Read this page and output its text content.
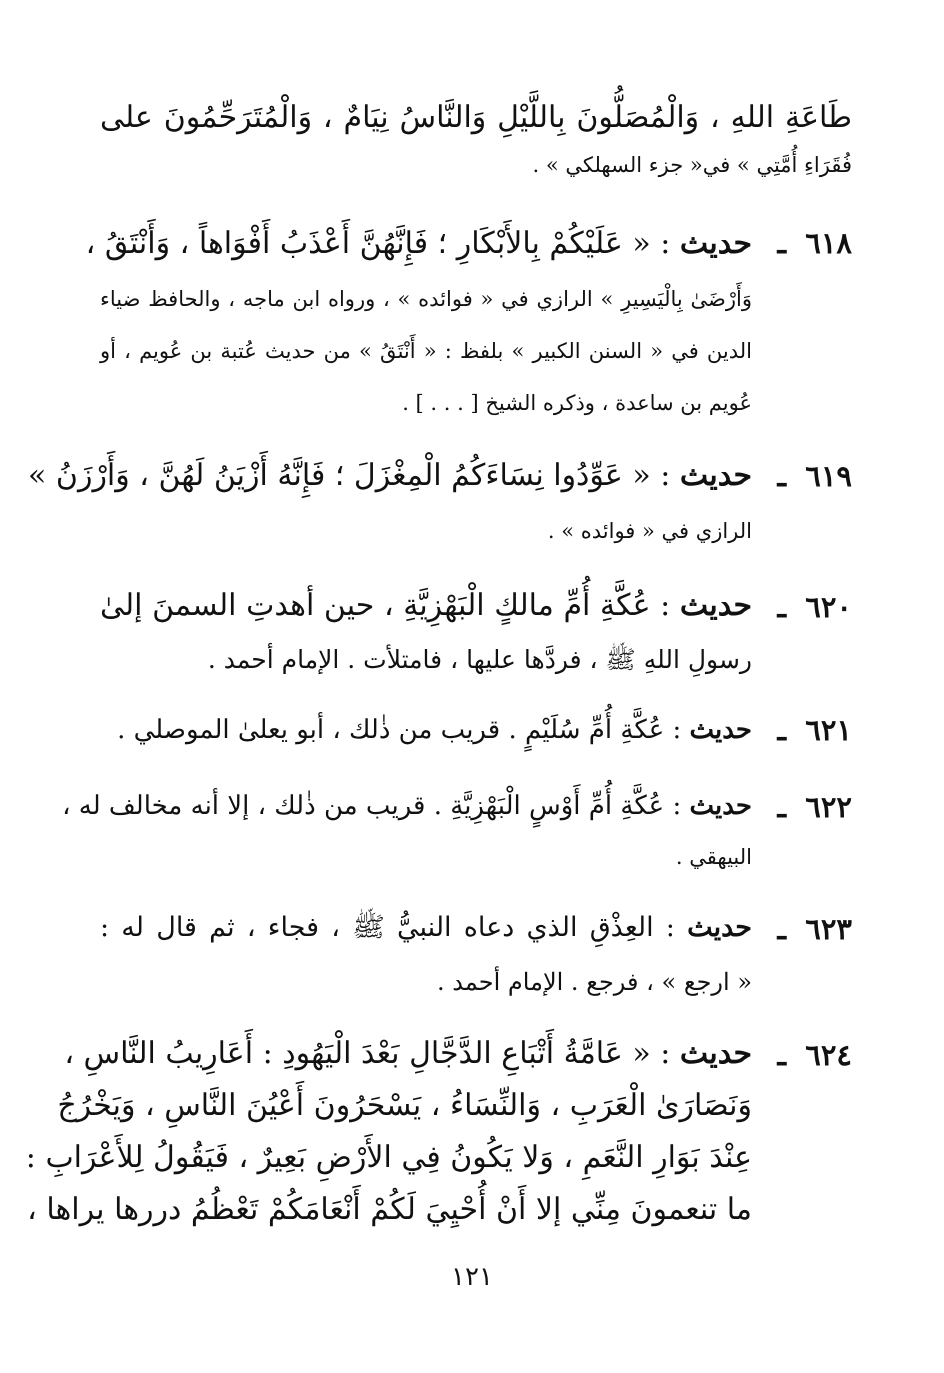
طَاعَةِ اللهِ ، وَالْمُصَلُّونَ بِاللَّيْلِ وَالنَّاسُ نِيَامٌ ، وَالْمُتَرَحِّمُونَ على
فُقَرَاءِ أُمَّتِي » في« جزء السهلكي » .
٦١٨
ـ
حديث : « عَلَيْكُمْ بِالأَبْكَارِ ؛ فَإِنَّهُنَّ أَعْذَبُ أَفْوَاهاً ، وَأَنْتَقُ ،
وَأَرْضَىٰ بِالْيَسِيرِ » الرازي في « فوائده » ، ورواه ابن ماجه ، والحافظ ضياء
الدين في « السنن الكبير » بلفظ : « أَنْتَقُ » من حديث عُتبة بن عُويم ، أو
عُويم بن ساعدة ، وذكره الشيخ [ . . . ] .
٦١٩
ـ
حديث : « عَوِّدُوا نِسَاءَكُمُ الْمِغْزَلَ ؛ فَإِنَّهُ أَزْيَنُ لَهُنَّ ، وَأَرْزَنُ »
الرازي في « فوائده » .
٦٢٠
ـ
حديث : عُكَّةِ أُمِّ مالكٍ الْبَهْزِيَّةِ ، حين أهدتِ السمنَ إلىٰ
رسولِ اللهِ ﷺ ، فردَّها عليها ، فامتلأت . الإمام أحمد .
٦٢١
ـ
حديث : عُكَّةِ أُمِّ سُلَيْمٍ . قريب من ذٰلك ، أبو يعلىٰ الموصلي .
٦٢٢
ـ
حديث : عُكَّةِ أُمِّ أَوْسٍ الْبَهْزِيَّةِ . قريب من ذٰلك ، إلا أنه مخالف له ،
البيهقي .
٦٢٣
ـ
حديث : العِذْقِ الذي دعاه النبيُّ ﷺ ، فجاء ، ثم قال له :
« ارجع » ، فرجع . الإمام أحمد .
٦٢٤
ـ
حديث : « عَامَّةُ أَتْبَاعِ الدَّجَّالِ بَعْدَ الْيَهُودِ : أَعَارِيبُ النَّاسِ ،
وَنَصَارَىٰ الْعَرَبِ ، وَالنِّسَاءُ ، يَسْحَرُونَ أَعْيُنَ النَّاسِ ، وَيَخْرُجُ
عِنْدَ بَوَارِ النَّعَمِ ، وَلا يَكُونُ فِي الأَرْضِ بَعِيرٌ ، فَيَقُولُ لِلأَعْرَابِ :
ما تنعمونَ مِنِّي إلا أَنْ أُحْيِيَ لَكُمْ أَنْعَامَكُمْ تَعْظُمُ دررها يراها ،
١٢١
